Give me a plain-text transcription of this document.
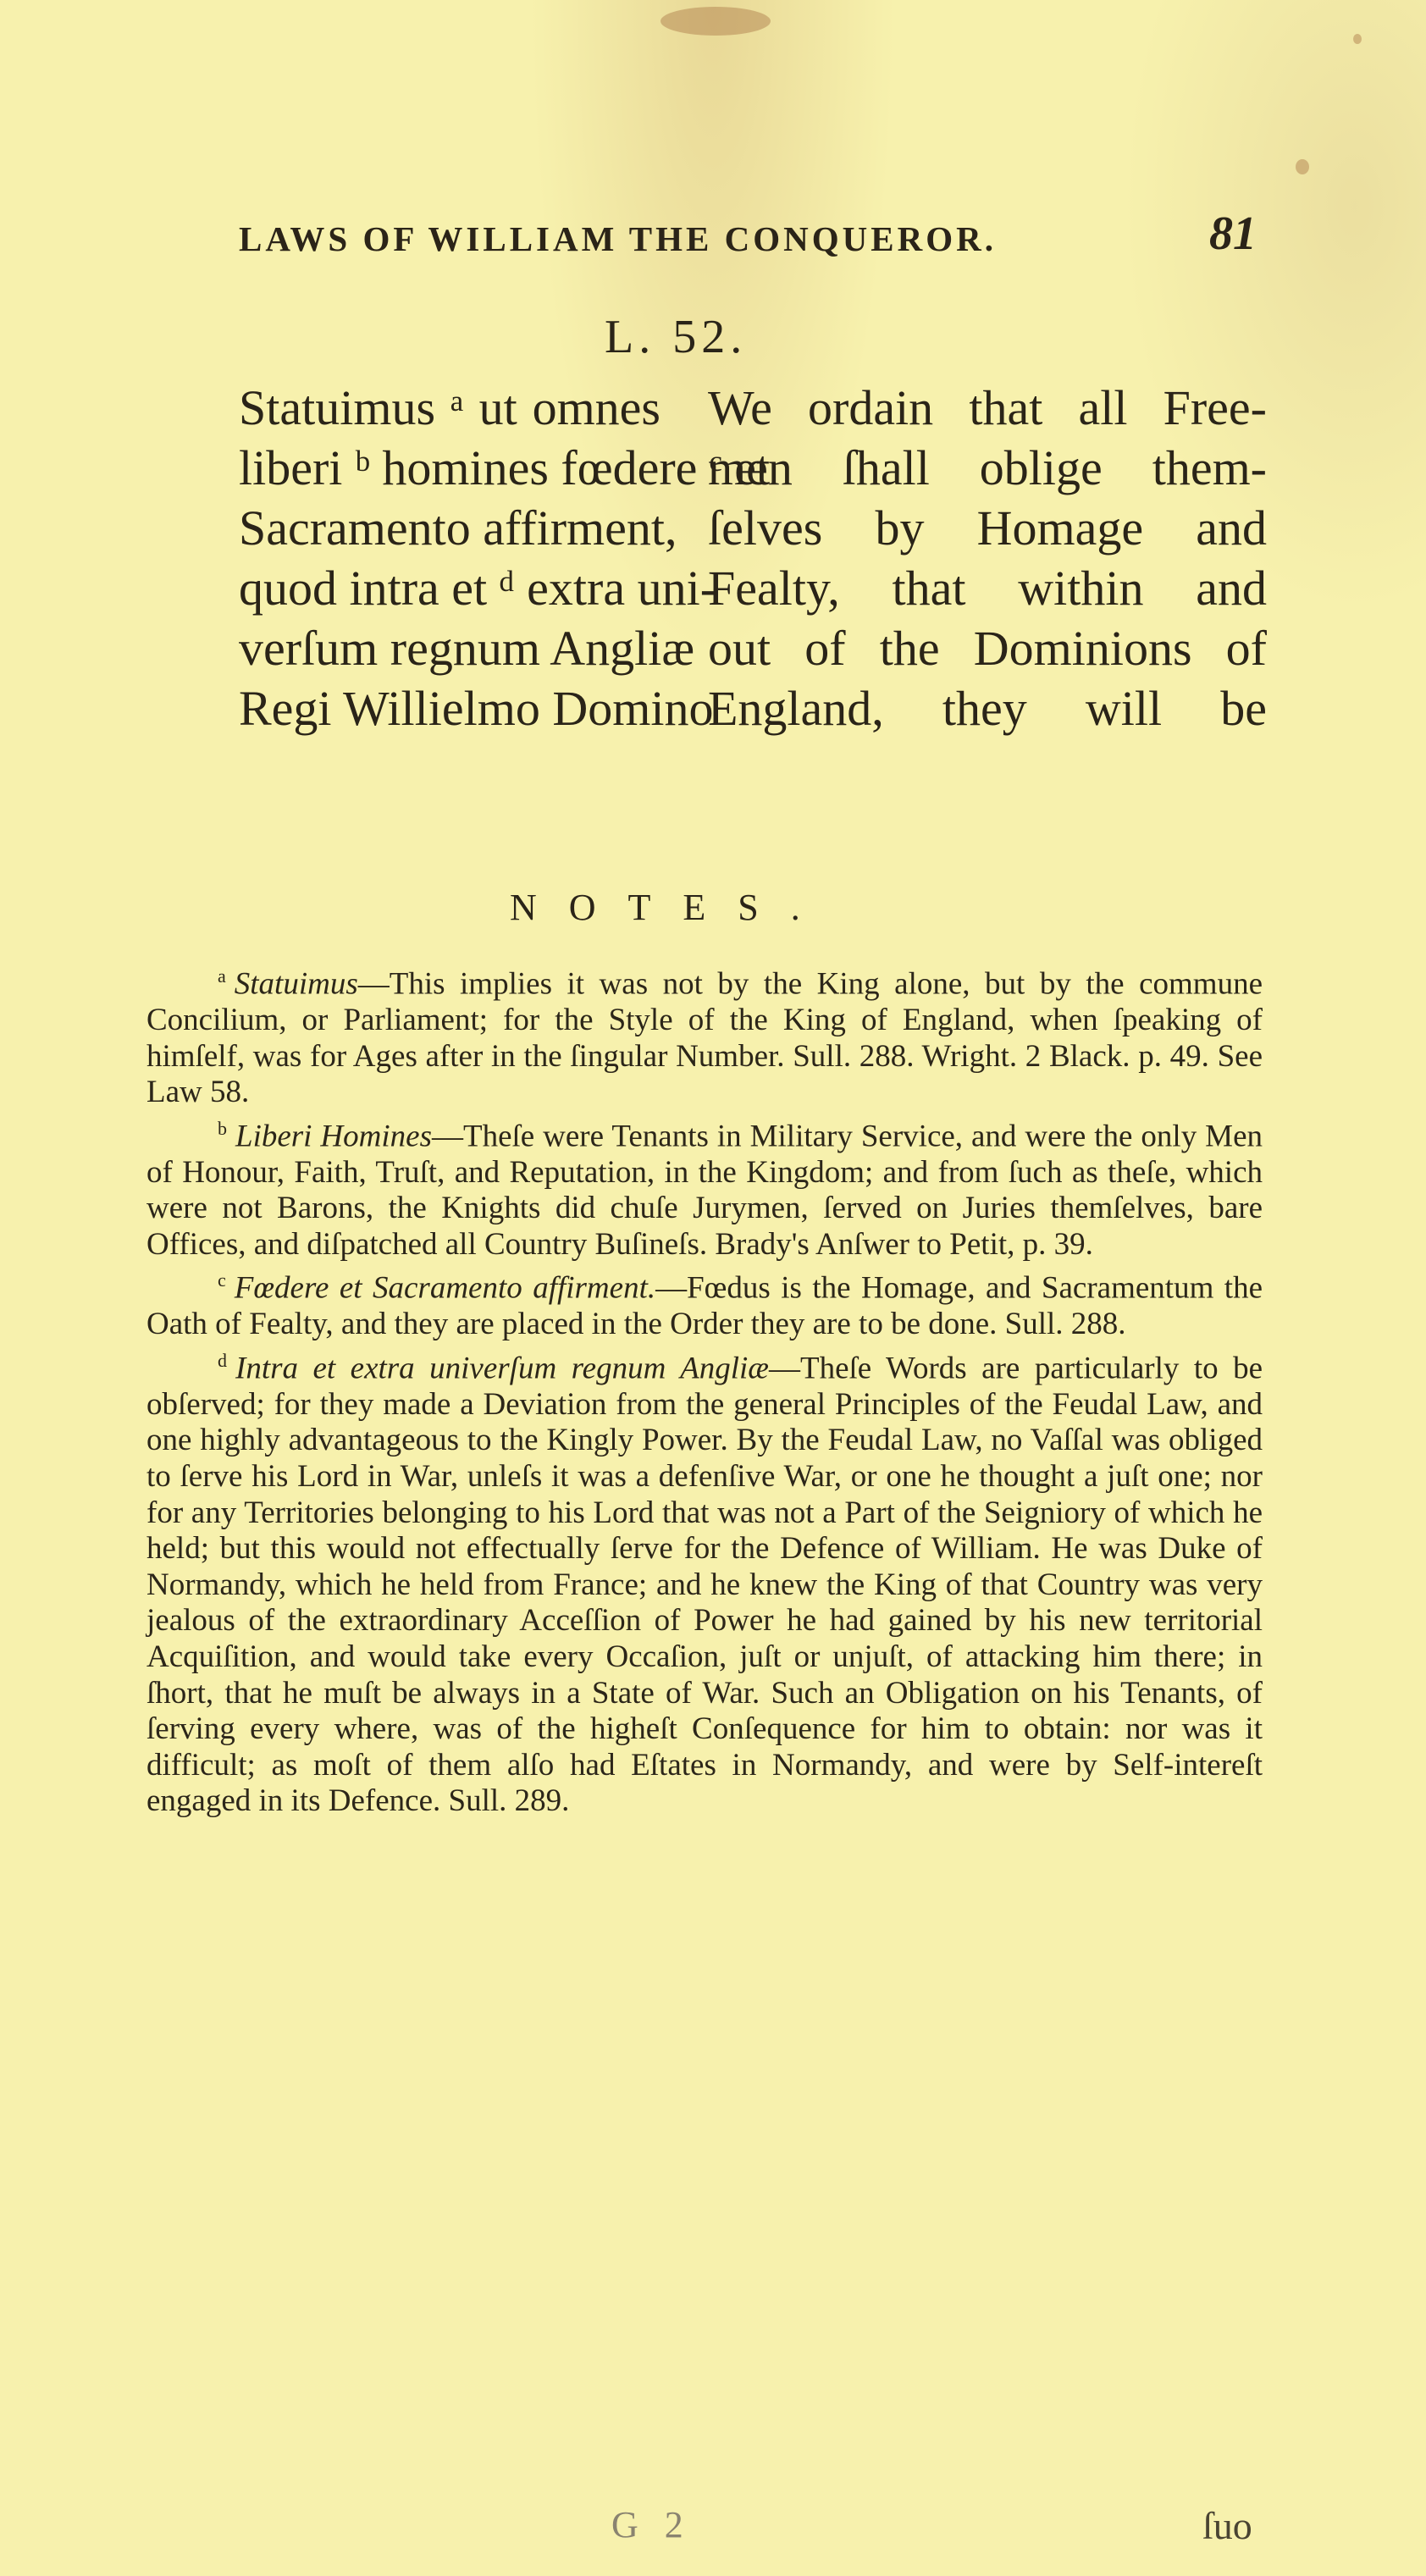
LAWS OF WILLIAM THE CONQUEROR.	81
L. 52.
Statuimus ᵃ ut omnes
liberi ᵇ homines fœdere ᶜ et
Sacramento affirment,
quod intra et ᵈ extra uni-
verſum regnum Angliæ
Regi Willielmo Domino
We ordain that all Free-
men ſhall oblige them-
ſelves by Homage and
Fealty, that within and
out of the Dominions of
England, they will be
NOTES.

$^a$ Statuimus—This implies it was not by the King alone, but by the commune Concilium, or Parliament; for the Style of the King of England, when ſpeaking of himſelf, was for Ages after in the ſingular Number. Sull. 288. Wright. 2 Black. p. 49. See Law 58.

$^b$ Liberi Homines—Theſe were Tenants in Military Service, and were the only Men of Honour, Faith, Truſt, and Reputation, in the Kingdom; and from ſuch as theſe, which were not Barons, the Knights did chuſe Jurymen, ſerved on Juries themſelves, bare Offices, and diſpatched all Country Buſineſs. Brady's Anſwer to Petit, p. 39.

$^c$ Fœdere et Sacramento affirment.—Fœdus is the Homage, and Sacramentum the Oath of Fealty, and they are placed in the Order they are to be done. Sull. 288.

$^d$ Intra et extra univerſum regnum Angliæ—Theſe Words are particularly to be obſerved; for they made a Deviation from the general Principles of the Feudal Law, and one highly advantageous to the Kingly Power. By the Feudal Law, no Vaſſal was obliged to ſerve his Lord in War, unleſs it was a defenſive War, or one he thought a juſt one; nor for any Territories belonging to his Lord that was not a Part of the Seigniory of which he held; but this would not effectually ſerve for the Defence of William. He was Duke of Normandy, which he held from France; and he knew the King of that Country was very jealous of the extraordinary Acceſſion of Power he had gained by his new territorial Acquiſition, and would take every Occaſion, juſt or unjuſt, of attacking him there; in ſhort, that he muſt be always in a State of War. Such an Obligation on his Tenants, of ſerving every where, was of the higheſt Conſequence for him to obtain: nor was it difficult; as moſt of them alſo had Eſtates in Normandy, and were by Self-intereſt engaged in its Defence. Sull. 289.

G 2	ſuo
